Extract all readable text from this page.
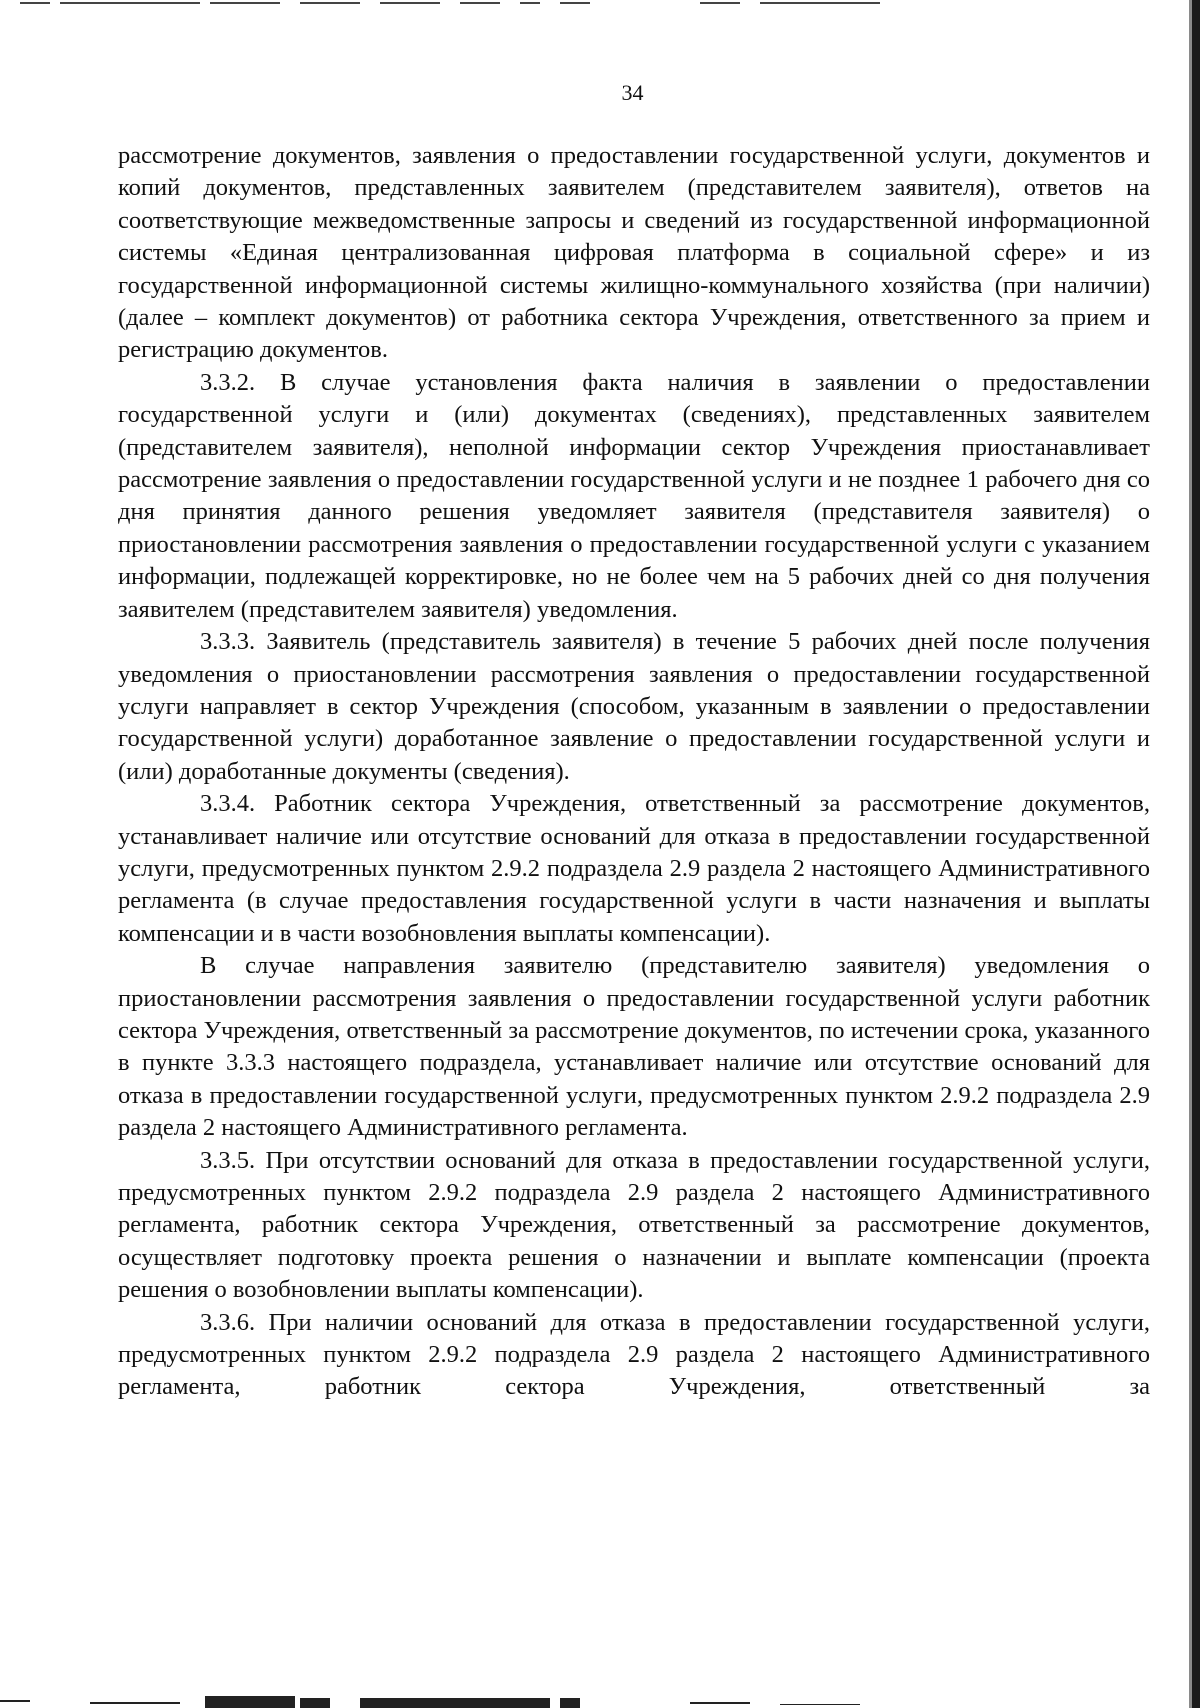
34

рассмотрение документов, заявления о предоставлении государственной услуги, документов и копий документов, представленных заявителем (представителем заявителя), ответов на соответствующие межведомственные запросы и сведений из государственной информационной системы «Единая централизованная цифровая платформа в социальной сфере» и из государственной информационной системы жилищно-коммунального хозяйства (при наличии) (далее – комплект документов) от работника сектора Учреждения, ответственного за прием и регистрацию документов.

3.3.2. В случае установления факта наличия в заявлении о предоставлении государственной услуги и (или) документах (сведениях), представленных заявителем (представителем заявителя), неполной информации сектор Учреждения приостанавливает рассмотрение заявления о предоставлении государственной услуги и не позднее 1 рабочего дня со дня принятия данного решения уведомляет заявителя (представителя заявителя) о приостановлении рассмотрения заявления о предоставлении государственной услуги с указанием информации, подлежащей корректировке, но не более чем на 5 рабочих дней со дня получения заявителем (представителем заявителя) уведомления.

3.3.3. Заявитель (представитель заявителя) в течение 5 рабочих дней после получения уведомления о приостановлении рассмотрения заявления о предоставлении государственной услуги направляет в сектор Учреждения (способом, указанным в заявлении о предоставлении государственной услуги) доработанное заявление о предоставлении государственной услуги и (или) доработанные документы (сведения).

3.3.4. Работник сектора Учреждения, ответственный за рассмотрение документов, устанавливает наличие или отсутствие оснований для отказа в предоставлении государственной услуги, предусмотренных пунктом 2.9.2 подраздела 2.9 раздела 2 настоящего Административного регламента (в случае предоставления государственной услуги в части назначения и выплаты компенсации и в части возобновления выплаты компенсации).

В случае направления заявителю (представителю заявителя) уведомления о приостановлении рассмотрения заявления о предоставлении государственной услуги работник сектора Учреждения, ответственный за рассмотрение документов, по истечении срока, указанного в пункте 3.3.3 настоящего подраздела, устанавливает наличие или отсутствие оснований для отказа в предоставлении государственной услуги, предусмотренных пунктом 2.9.2 подраздела 2.9 раздела 2 настоящего Административного регламента.

3.3.5. При отсутствии оснований для отказа в предоставлении государственной услуги, предусмотренных пунктом 2.9.2 подраздела 2.9 раздела 2 настоящего Административного регламента, работник сектора Учреждения, ответственный за рассмотрение документов, осуществляет подготовку проекта решения о назначении и выплате компенсации (проекта решения о возобновлении выплаты компенсации).

3.3.6. При наличии оснований для отказа в предоставлении государственной услуги, предусмотренных пунктом 2.9.2 подраздела 2.9 раздела 2 настоящего Административного регламента, работник сектора Учреждения, ответственный за
